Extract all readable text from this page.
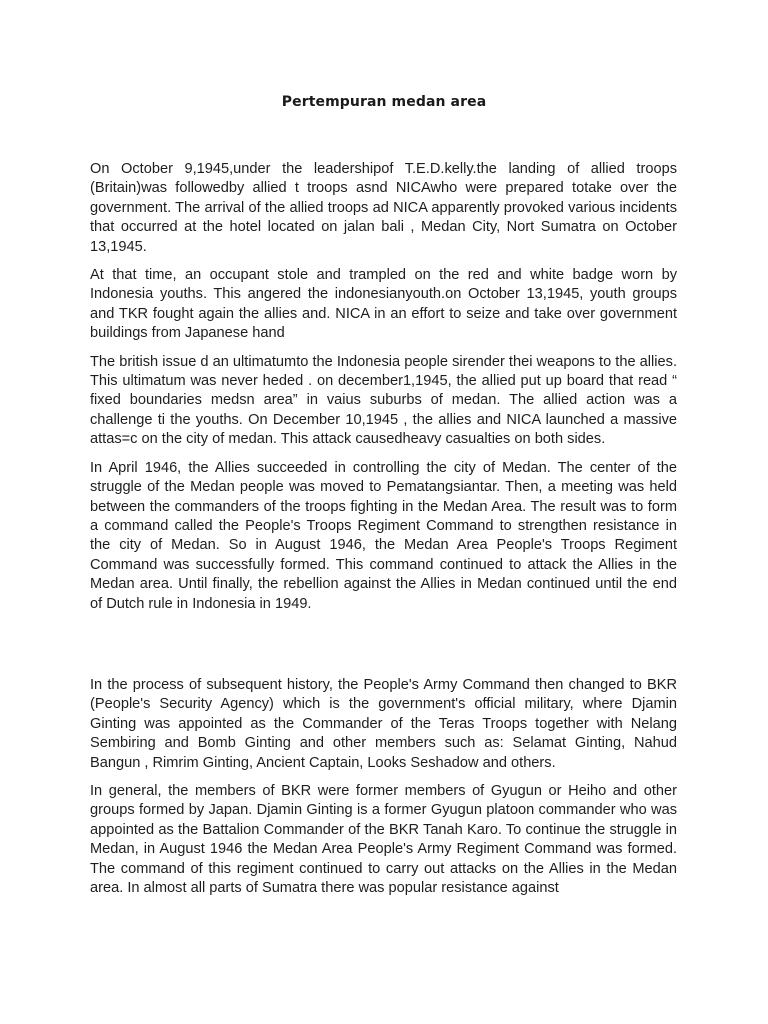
Pertempuran medan area

On October 9,1945,under the leadershipof T.E.D.kelly.the landing of allied troops (Britain)was followedby allied t troops asnd NICAwho were prepared totake over the government. The arrival of the allied troops ad NICA apparently provoked various incidents that occurred at the hotel located on jalan bali , Medan City, Nort Sumatra on October 13,1945.

At that time, an occupant stole and trampled on the red and white badge worn by Indonesia youths. This angered the indonesianyouth.on October 13,1945, youth groups and TKR fought again the allies and. NICA in an effort to seize and take over government buildings from Japanese hand

The british issue d an ultimatumto the Indonesia people sirender thei weapons to the allies. This ultimatum was never heded . on december1,1945, the allied put up board that read “ fixed boundaries medsn area” in vaius suburbs of medan. The allied action was a challenge ti the youths. On December 10,1945 , the allies and NICA launched a massive attas=c on the city of medan. This attack causedheavy casualties on both sides.

In April 1946, the Allies succeeded in controlling the city of Medan. The center of the struggle of the Medan people was moved to Pematangsiantar. Then, a meeting was held between the commanders of the troops fighting in the Medan Area. The result was to form a command called the People's Troops Regiment Command to strengthen resistance in the city of Medan. So in August 1946, the Medan Area People's Troops Regiment Command was successfully formed. This command continued to attack the Allies in the Medan area. Until finally, the rebellion against the Allies in Medan continued until the end of Dutch rule in Indonesia in 1949.

In the process of subsequent history, the People's Army Command then changed to BKR (People's Security Agency) which is the government's official military, where Djamin Ginting was appointed as the Commander of the Teras Troops together with Nelang Sembiring and Bomb Ginting and other members such as: Selamat Ginting, Nahud Bangun , Rimrim Ginting, Ancient Captain, Looks Seshadow and others.

In general, the members of BKR were former members of Gyugun or Heiho and other groups formed by Japan. Djamin Ginting is a former Gyugun platoon commander who was appointed as the Battalion Commander of the BKR Tanah Karo. To continue the struggle in Medan, in August 1946 the Medan Area People's Army Regiment Command was formed. The command of this regiment continued to carry out attacks on the Allies in the Medan area. In almost all parts of Sumatra there was popular resistance against
